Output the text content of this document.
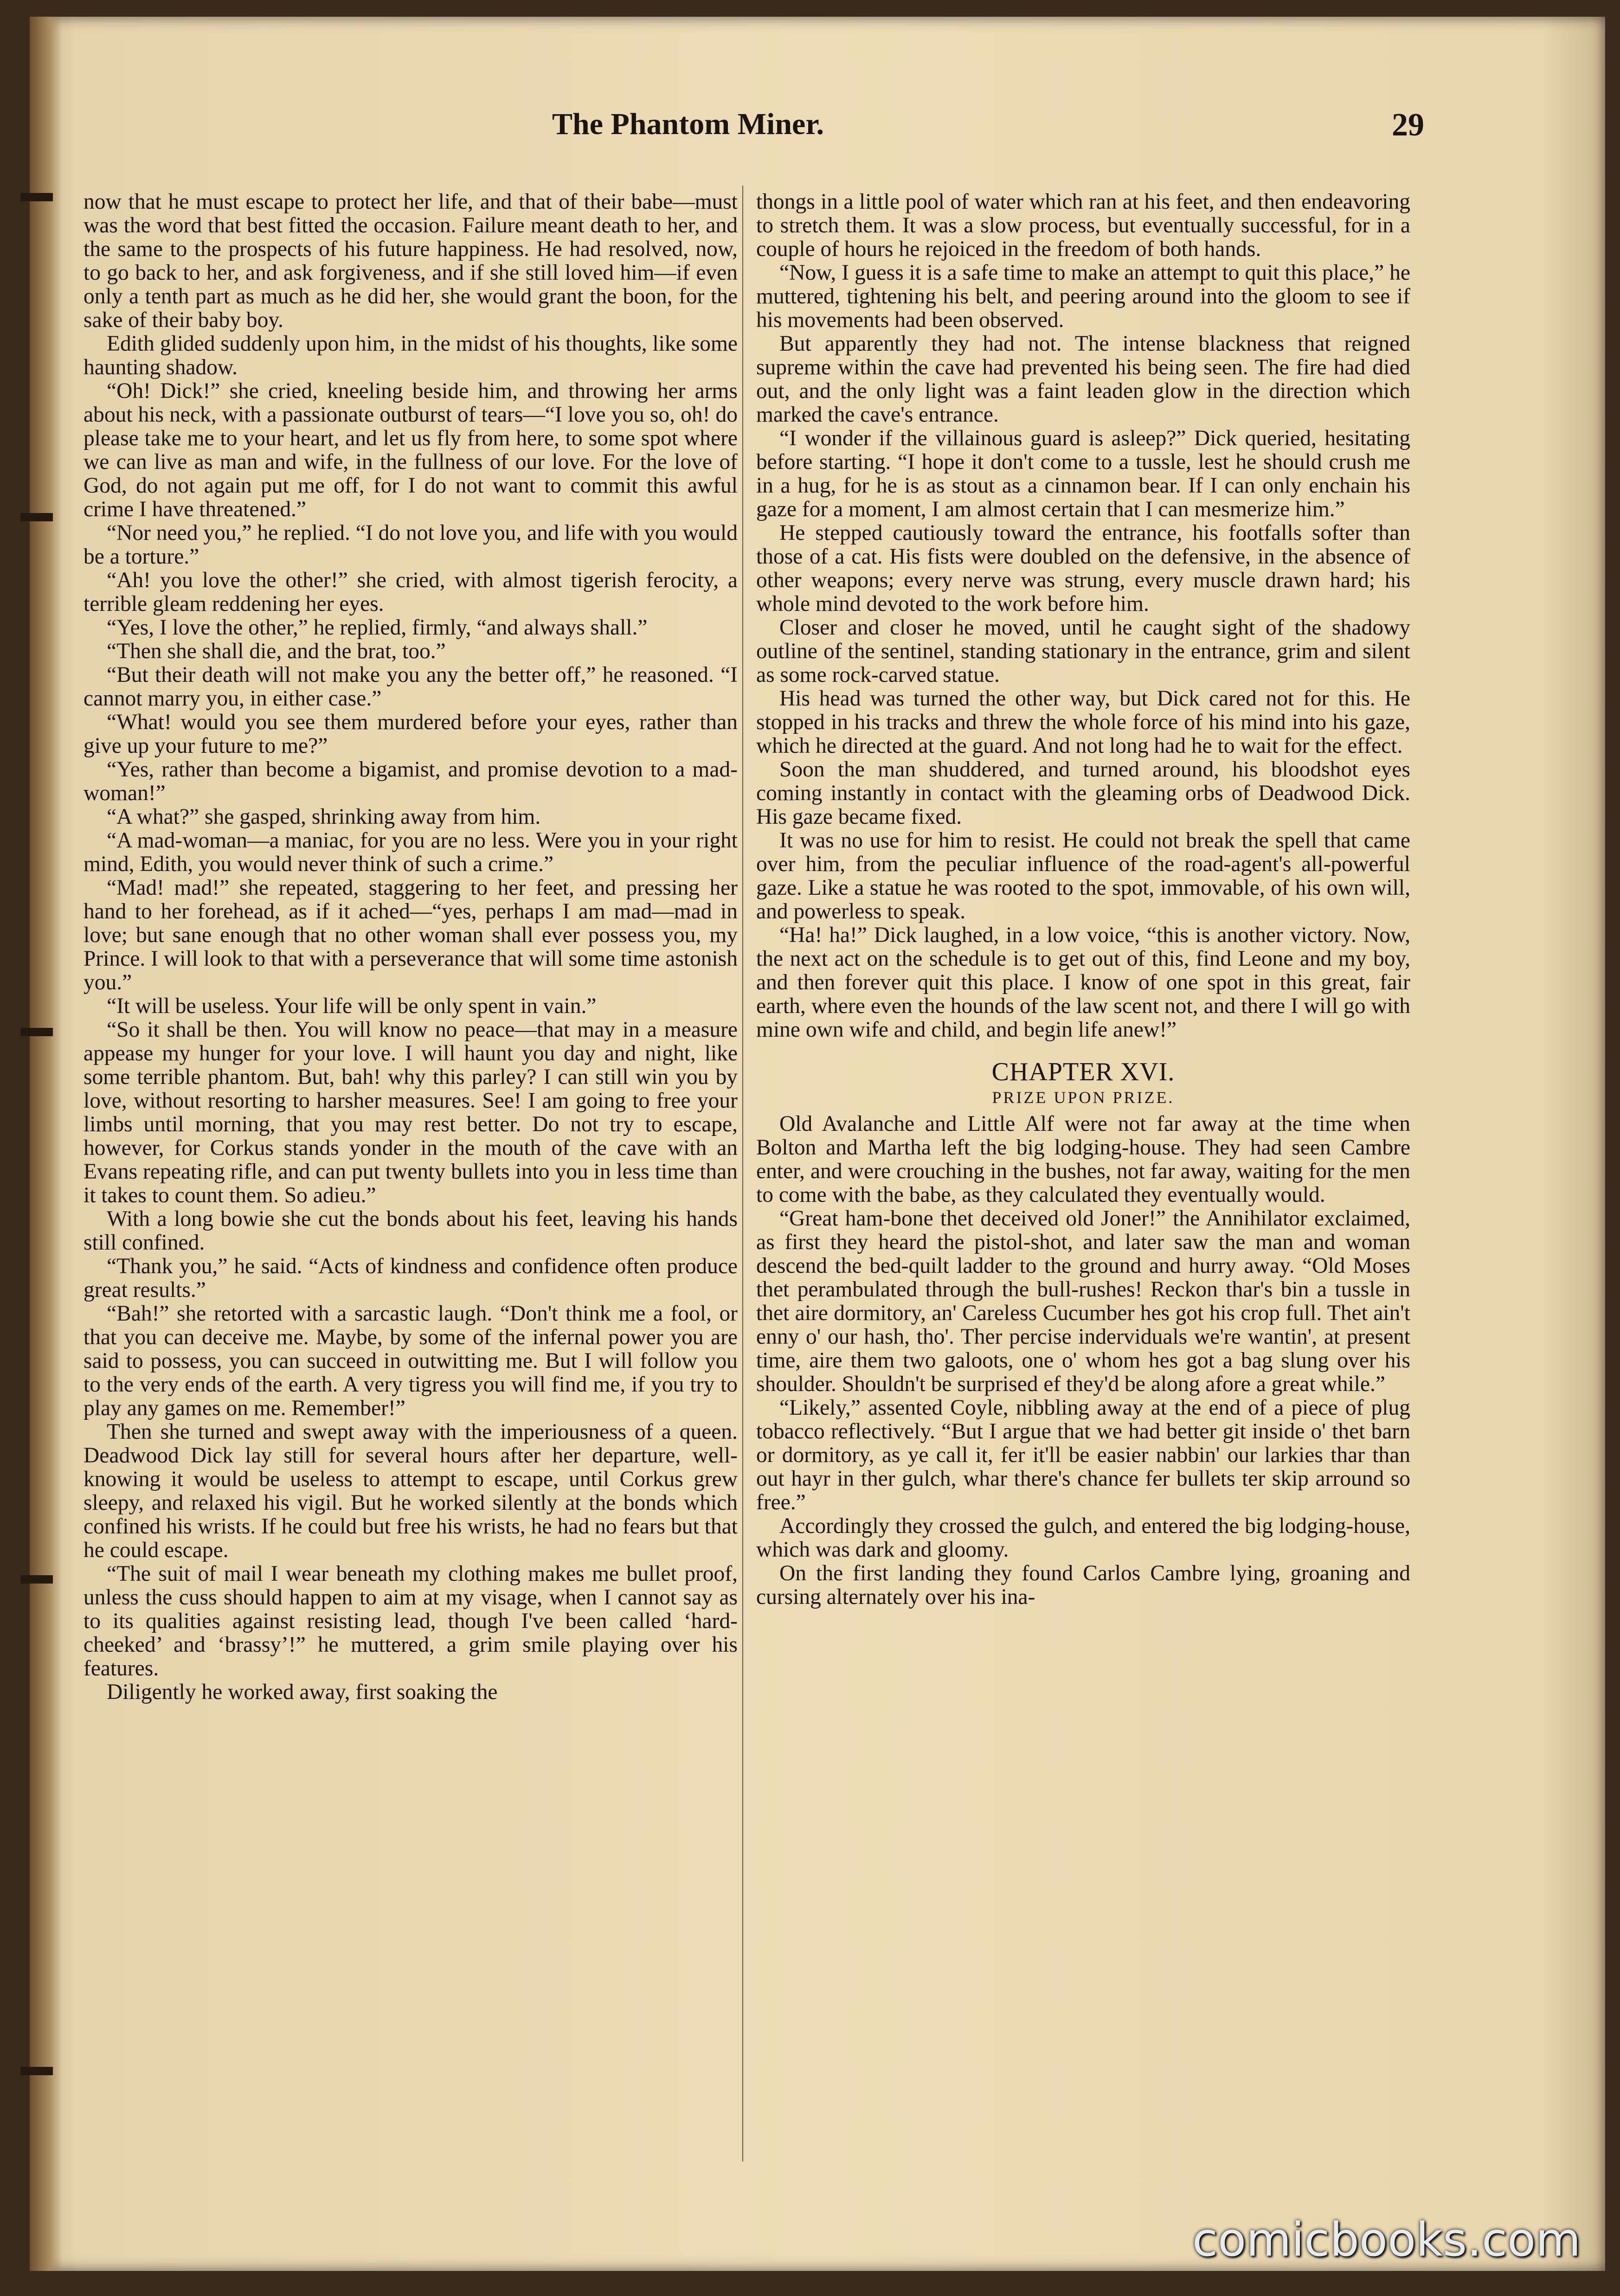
The Phantom Miner.	29

now that he must escape to protect her life, and that of their babe—must was the word that best fitted the occasion. Failure meant death to her, and the same to the prospects of his future happiness. He had resolved, now, to go back to her, and ask forgiveness, and if she still loved him—if even only a tenth part as much as he did her, she would grant the boon, for the sake of their baby boy.

Edith glided suddenly upon him, in the midst of his thoughts, like some haunting shadow.

“Oh! Dick!” she cried, kneeling beside him, and throwing her arms about his neck, with a passionate outburst of tears—“I love you so, oh! do please take me to your heart, and let us fly from here, to some spot where we can live as man and wife, in the fullness of our love. For the love of God, do not again put me off, for I do not want to commit this awful crime I have threatened.”

“Nor need you,” he replied. “I do not love you, and life with you would be a torture.”

“Ah! you love the other!” she cried, with almost tigerish ferocity, a terrible gleam reddening her eyes.

“Yes, I love the other,” he replied, firmly, “and always shall.”

“Then she shall die, and the brat, too.”

“But their death will not make you any the better off,” he reasoned. “I cannot marry you, in either case.”

“What! would you see them murdered before your eyes, rather than give up your future to me?”

“Yes, rather than become a bigamist, and promise devotion to a mad-woman!”

“A what?” she gasped, shrinking away from him.

“A mad-woman—a maniac, for you are no less. Were you in your right mind, Edith, you would never think of such a crime.”

“Mad! mad!” she repeated, staggering to her feet, and pressing her hand to her forehead, as if it ached—“yes, perhaps I am mad—mad in love; but sane enough that no other woman shall ever possess you, my Prince. I will look to that with a perseverance that will some time astonish you.”

“It will be useless. Your life will be only spent in vain.”

“So it shall be then. You will know no peace—that may in a measure appease my hunger for your love. I will haunt you day and night, like some terrible phantom. But, bah! why this parley? I can still win you by love, without resorting to harsher measures. See! I am going to free your limbs until morning, that you may rest better. Do not try to escape, however, for Corkus stands yonder in the mouth of the cave with an Evans repeating rifle, and can put twenty bullets into you in less time than it takes to count them. So adieu.”

With a long bowie she cut the bonds about his feet, leaving his hands still confined.

“Thank you,” he said. “Acts of kindness and confidence often produce great results.”

“Bah!” she retorted with a sarcastic laugh. “Don't think me a fool, or that you can deceive me. Maybe, by some of the infernal power you are said to possess, you can succeed in outwitting me. But I will follow you to the very ends of the earth. A very tigress you will find me, if you try to play any games on me. Remember!”

Then she turned and swept away with the imperiousness of a queen. Deadwood Dick lay still for several hours after her departure, well-knowing it would be useless to attempt to escape, until Corkus grew sleepy, and relaxed his vigil. But he worked silently at the bonds which confined his wrists. If he could but free his wrists, he had no fears but that he could escape.

“The suit of mail I wear beneath my clothing makes me bullet proof, unless the cuss should happen to aim at my visage, when I cannot say as to its qualities against resisting lead, though I've been called ‘hard-cheeked’ and ‘brassy’!” he muttered, a grim smile playing over his features.

Diligently he worked away, first soaking the

thongs in a little pool of water which ran at his feet, and then endeavoring to stretch them. It was a slow process, but eventually successful, for in a couple of hours he rejoiced in the freedom of both hands.

“Now, I guess it is a safe time to make an attempt to quit this place,” he muttered, tightening his belt, and peering around into the gloom to see if his movements had been observed.

But apparently they had not. The intense blackness that reigned supreme within the cave had prevented his being seen. The fire had died out, and the only light was a faint leaden glow in the direction which marked the cave's entrance.

“I wonder if the villainous guard is asleep?” Dick queried, hesitating before starting. “I hope it don't come to a tussle, lest he should crush me in a hug, for he is as stout as a cinnamon bear. If I can only enchain his gaze for a moment, I am almost certain that I can mesmerize him.”

He stepped cautiously toward the entrance, his footfalls softer than those of a cat. His fists were doubled on the defensive, in the absence of other weapons; every nerve was strung, every muscle drawn hard; his whole mind devoted to the work before him.

Closer and closer he moved, until he caught sight of the shadowy outline of the sentinel, standing stationary in the entrance, grim and silent as some rock-carved statue.

His head was turned the other way, but Dick cared not for this. He stopped in his tracks and threw the whole force of his mind into his gaze, which he directed at the guard. And not long had he to wait for the effect.

Soon the man shuddered, and turned around, his bloodshot eyes coming instantly in contact with the gleaming orbs of Deadwood Dick. His gaze became fixed.

It was no use for him to resist. He could not break the spell that came over him, from the peculiar influence of the road-agent's all-powerful gaze. Like a statue he was rooted to the spot, immovable, of his own will, and powerless to speak.

“Ha! ha!” Dick laughed, in a low voice, “this is another victory. Now, the next act on the schedule is to get out of this, find Leone and my boy, and then forever quit this place. I know of one spot in this great, fair earth, where even the hounds of the law scent not, and there I will go with mine own wife and child, and begin life anew!”

CHAPTER XVI.
PRIZE UPON PRIZE.

Old Avalanche and Little Alf were not far away at the time when Bolton and Martha left the big lodging-house. They had seen Cambre enter, and were crouching in the bushes, not far away, waiting for the men to come with the babe, as they calculated they eventually would.

“Great ham-bone thet deceived old Joner!” the Annihilator exclaimed, as first they heard the pistol-shot, and later saw the man and woman descend the bed-quilt ladder to the ground and hurry away. “Old Moses thet perambulated through the bull-rushes! Reckon thar's bin a tussle in thet aire dormitory, an' Careless Cucumber hes got his crop full. Thet ain't enny o' our hash, tho'. Ther percise inderviduals we're wantin', at present time, aire them two galoots, one o' whom hes got a bag slung over his shoulder. Shouldn't be surprised ef they'd be along afore a great while.”

“Likely,” assented Coyle, nibbling away at the end of a piece of plug tobacco reflectively. “But I argue that we had better git inside o' thet barn or dormitory, as ye call it, fer it'll be easier nabbin' our larkies thar than out hayr in ther gulch, whar there's chance fer bullets ter skip arround so free.”

Accordingly they crossed the gulch, and entered the big lodging-house, which was dark and gloomy.

On the first landing they found Carlos Cambre lying, groaning and cursing alternately over his ina-

comicbooks.com
